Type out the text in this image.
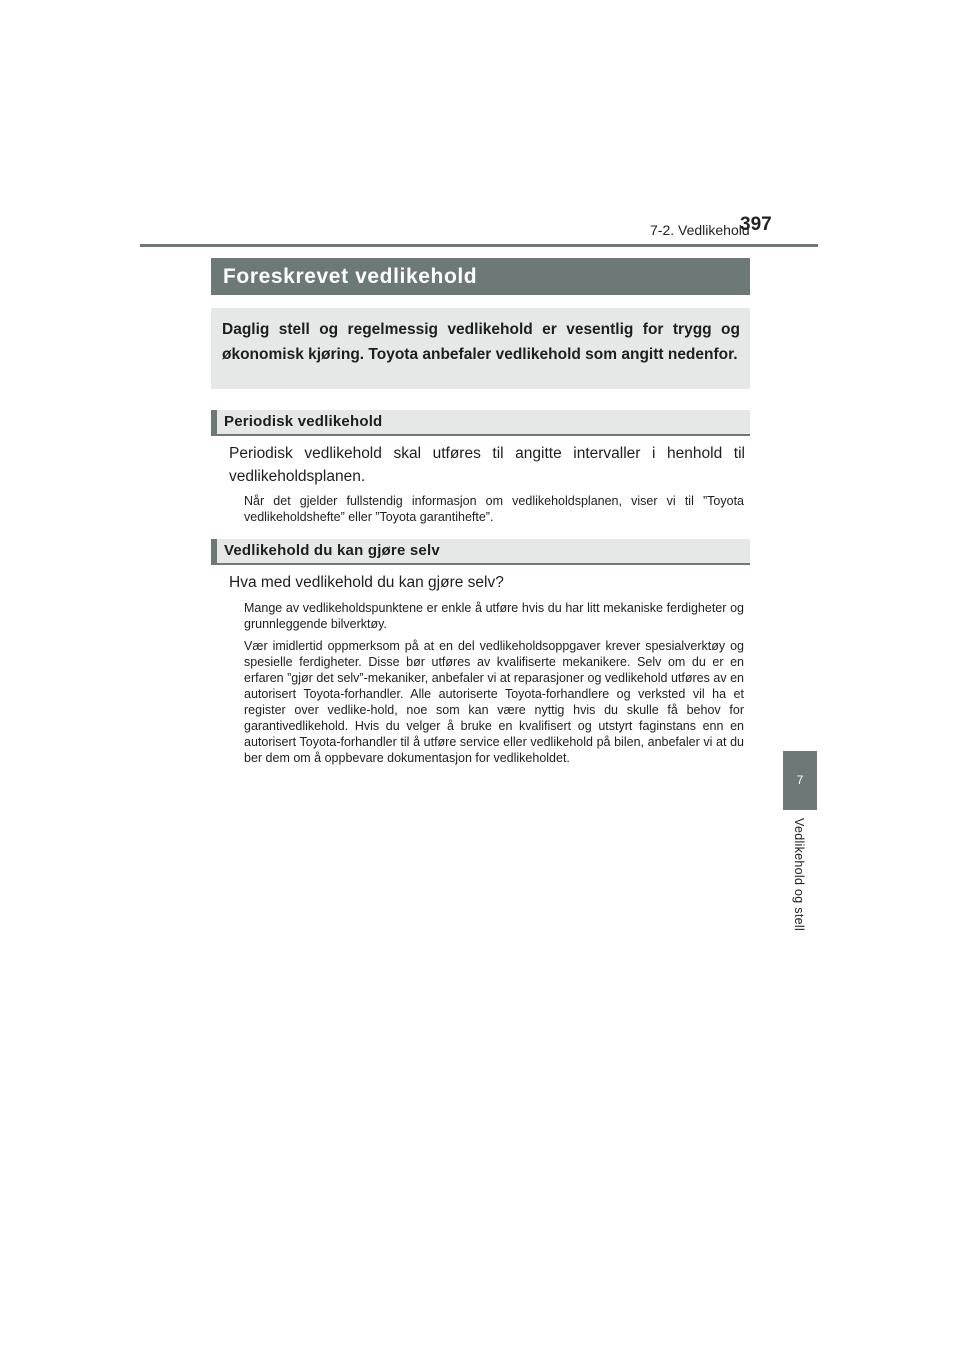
7-2. Vedlikehold
397
Foreskrevet vedlikehold
Daglig stell og regelmessig vedlikehold er vesentlig for trygg og økonomisk kjøring. Toyota anbefaler vedlikehold som angitt nedenfor.
Periodisk vedlikehold
Periodisk vedlikehold skal utføres til angitte intervaller i henhold til vedlikeholdsplanen.
Når det gjelder fullstendig informasjon om vedlikeholdsplanen, viser vi til ”Toyota vedlikeholdshefte” eller ”Toyota garantihefte”.
Vedlikehold du kan gjøre selv
Hva med vedlikehold du kan gjøre selv?
Mange av vedlikeholdspunktene er enkle å utføre hvis du har litt mekaniske ferdigheter og grunnleggende bilverktøy.
Vær imidlertid oppmerksom på at en del vedlikeholdsoppgaver krever spesialverktøy og spesielle ferdigheter. Disse bør utføres av kvalifiserte mekanikere. Selv om du er en erfaren ”gjør det selv”-mekaniker, anbefaler vi at reparasjoner og vedlikehold utføres av en autorisert Toyota-forhandler. Alle autoriserte Toyota-forhandlere og verksted vil ha et register over vedlike-hold, noe som kan være nyttig hvis du skulle få behov for garantivedlikehold. Hvis du velger å bruke en kvalifisert og utstyrt faginstans enn en autorisert Toyota-forhandler til å utføre service eller vedlikehold på bilen, anbefaler vi at du ber dem om å oppbevare dokumentasjon for vedlikeholdet.
7
Vedlikehold og stell
